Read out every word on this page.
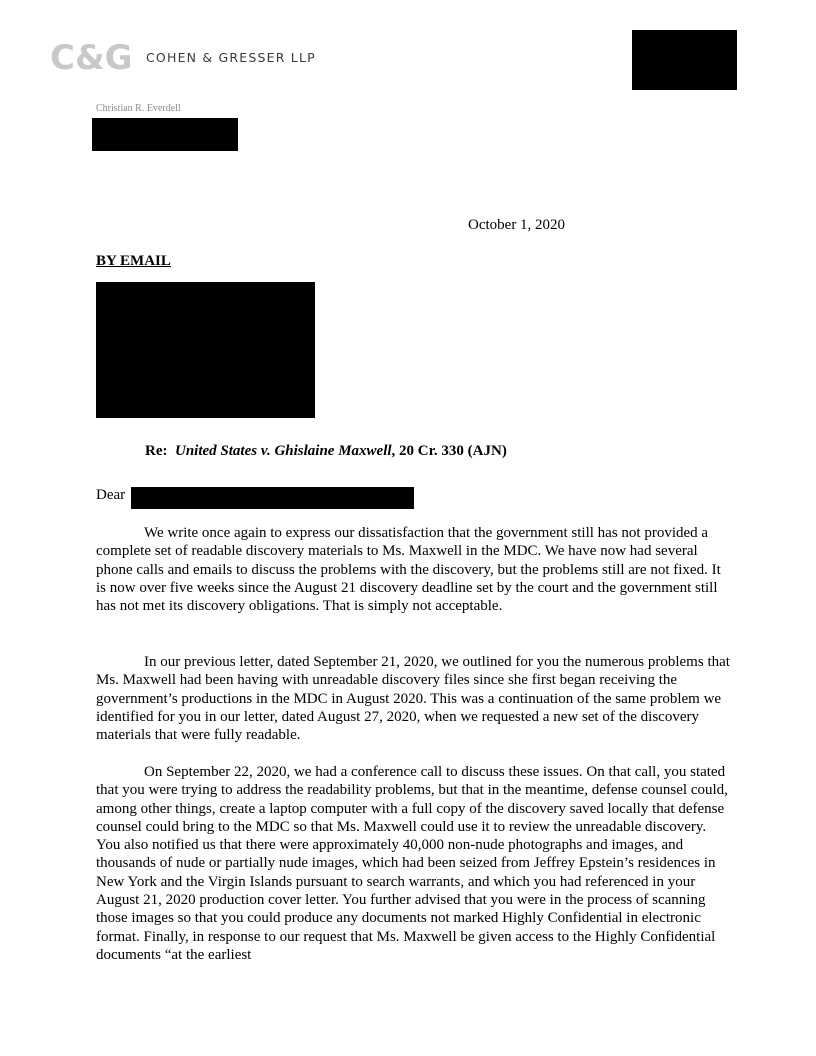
C&G COHEN & GRESSER LLP
Christian R. Everdell
October 1, 2020
BY EMAIL
Re: United States v. Ghislaine Maxwell, 20 Cr. 330 (AJN)
Dear

We write once again to express our dissatisfaction that the government still has not provided a complete set of readable discovery materials to Ms. Maxwell in the MDC. We have now had several phone calls and emails to discuss the problems with the discovery, but the problems still are not fixed. It is now over five weeks since the August 21 discovery deadline set by the court and the government still has not met its discovery obligations. That is simply not acceptable.

In our previous letter, dated September 21, 2020, we outlined for you the numerous problems that Ms. Maxwell had been having with unreadable discovery files since she first began receiving the government’s productions in the MDC in August 2020. This was a continuation of the same problem we identified for you in our letter, dated August 27, 2020, when we requested a new set of the discovery materials that were fully readable.

On September 22, 2020, we had a conference call to discuss these issues. On that call, you stated that you were trying to address the readability problems, but that in the meantime, defense counsel could, among other things, create a laptop computer with a full copy of the discovery saved locally that defense counsel could bring to the MDC so that Ms. Maxwell could use it to review the unreadable discovery. You also notified us that there were approximately 40,000 non-nude photographs and images, and thousands of nude or partially nude images, which had been seized from Jeffrey Epstein’s residences in New York and the Virgin Islands pursuant to search warrants, and which you had referenced in your August 21, 2020 production cover letter. You further advised that you were in the process of scanning those images so that you could produce any documents not marked Highly Confidential in electronic format. Finally, in response to our request that Ms. Maxwell be given access to the Highly Confidential documents “at the earliest
